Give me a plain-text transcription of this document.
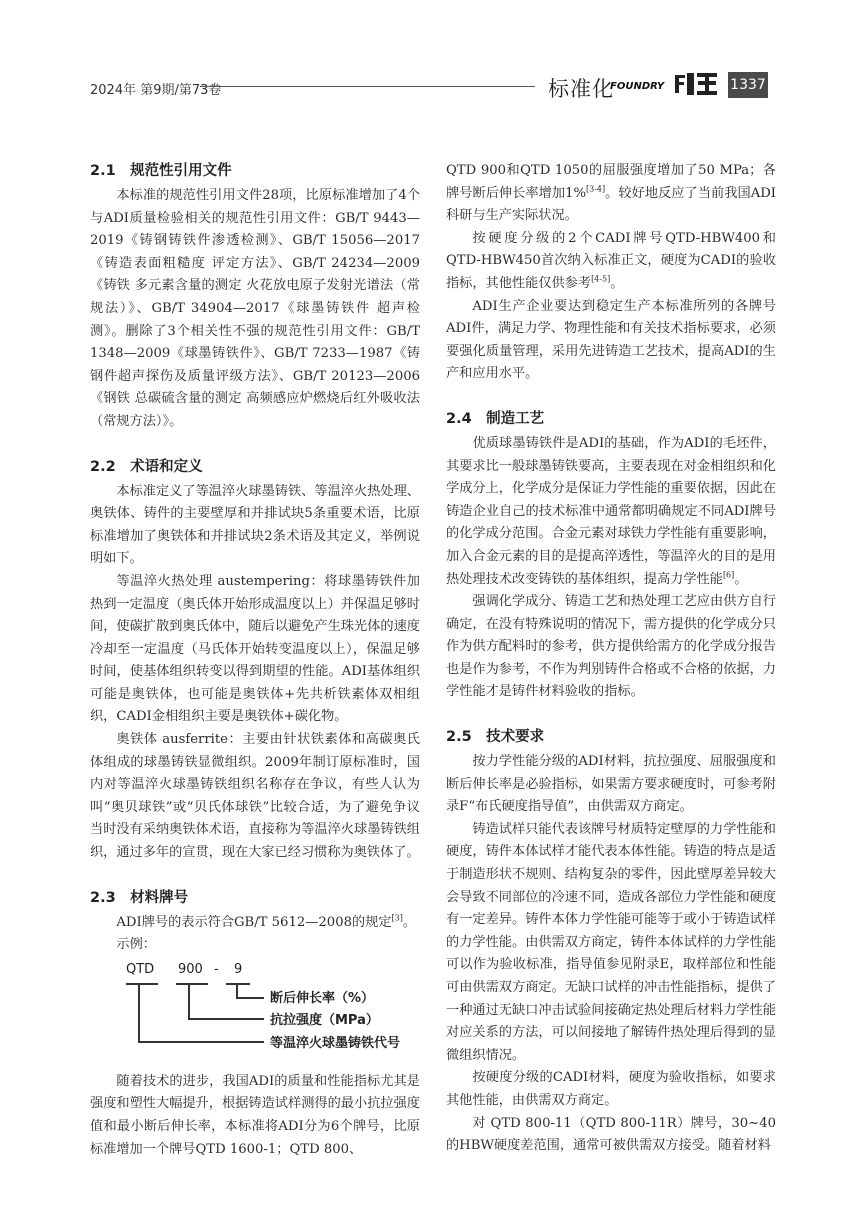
2024年 第9期/第73卷	标准化
FOUNDRY	1337
2.1　规范性引用文件

本标准的规范性引用文件28项，比原标准增加了4个与ADI质量检验相关的规范性引用文件：GB/T 9443—2019《铸钢铸铁件渗透检测》、GB/T 15056—2017《铸造表面粗糙度 评定方法》、GB/T 24234—2009《铸铁 多元素含量的测定 火花放电原子发射光谱法（常规法）》、GB/T 34904—2017《球墨铸铁件 超声检测》。删除了3个相关性不强的规范性引用文件：GB/T 1348—2009《球墨铸铁件》、GB/T 7233—1987《铸钢件超声探伤及质量评级方法》、GB/T 20123—2006《钢铁 总碳硫含量的测定 高频感应炉燃烧后红外吸收法（常规方法）》。

2.2　术语和定义

本标准定义了等温淬火球墨铸铁、等温淬火热处理、奥铁体、铸件的主要壁厚和并排试块5条重要术语，比原标准增加了奥铁体和并排试块2条术语及其定义，举例说明如下。

等温淬火热处理 austempering：将球墨铸铁件加热到一定温度（奥氏体开始形成温度以上）并保温足够时间，使碳扩散到奥氏体中，随后以避免产生珠光体的速度冷却至一定温度（马氏体开始转变温度以上），保温足够时间，使基体组织转变以得到期望的性能。ADI基体组织可能是奥铁体，也可能是奥铁体+先共析铁素体双相组织，CADI金相组织主要是奥铁体+碳化物。

奥铁体 ausferrite：主要由针状铁素体和高碳奥氏体组成的球墨铸铁显微组织。2009年制订原标准时，国内对等温淬火球墨铸铁组织名称存在争议，有些人认为叫“奥贝球铁”或“贝氏体球铁”比较合适，为了避免争议当时没有采纳奥铁体术语，直接称为等温淬火球墨铸铁组织，通过多年的宣贯，现在大家已经习惯称为奥铁体了。

2.3　材料牌号

ADI牌号的表示符合GB/T 5612—2008的规定[3]。

示例：

QTD 900 - 9
断后伸长率（%）
抗拉强度（MPa）
等温淬火球墨铸铁代号

随着技术的进步，我国ADI的质量和性能指标尤其是强度和塑性大幅提升，根据铸造试样测得的最小抗拉强度值和最小断后伸长率，本标准将ADI分为6个牌号，比原标准增加一个牌号QTD 1600-1；QTD 800、

QTD 900和QTD 1050的屈服强度增加了50 MPa；各牌号断后伸长率增加1%[3-4]。较好地反应了当前我国ADI科研与生产实际状况。

按硬度分级的2个CADI牌号QTD-HBW400和QTD-HBW450首次纳入标准正文，硬度为CADI的验收指标，其他性能仅供参考[4-5]。

ADI生产企业要达到稳定生产本标准所列的各牌号ADI件，满足力学、物理性能和有关技术指标要求，必须要强化质量管理，采用先进铸造工艺技术，提高ADI的生产和应用水平。

2.4　制造工艺

优质球墨铸铁件是ADI的基础，作为ADI的毛坯件，其要求比一般球墨铸铁要高，主要表现在对金相组织和化学成分上，化学成分是保证力学性能的重要依据，因此在铸造企业自己的技术标准中通常都明确规定不同ADI牌号的化学成分范围。合金元素对球铁力学性能有重要影响，加入合金元素的目的是提高淬透性，等温淬火的目的是用热处理技术改变铸铁的基体组织，提高力学性能[6]。

强调化学成分、铸造工艺和热处理工艺应由供方自行确定，在没有特殊说明的情况下，需方提供的化学成分只作为供方配料时的参考，供方提供给需方的化学成分报告也是作为参考，不作为判别铸件合格或不合格的依据，力学性能才是铸件材料验收的指标。

2.5　技术要求

按力学性能分级的ADI材料，抗拉强度、屈服强度和断后伸长率是必验指标，如果需方要求硬度时，可参考附录F“布氏硬度指导值”，由供需双方商定。

铸造试样只能代表该牌号材质特定壁厚的力学性能和硬度，铸件本体试样才能代表本体性能。铸造的特点是适于制造形状不规则、结构复杂的零件，因此壁厚差异较大会导致不同部位的冷速不同，造成各部位力学性能和硬度有一定差异。铸件本体力学性能可能等于或小于铸造试样的力学性能。由供需双方商定，铸件本体试样的力学性能可以作为验收标准，指导值参见附录E，取样部位和性能可由供需双方商定。无缺口试样的冲击性能指标，提供了一种通过无缺口冲击试验间接确定热处理后材料力学性能对应关系的方法，可以间接地了解铸件热处理后得到的显微组织情况。

按硬度分级的CADI材料，硬度为验收指标，如要求其他性能，由供需双方商定。

对 QTD 800-11（QTD 800-11R）牌号，30~40的HBW硬度差范围，通常可被供需双方接受。随着材料
